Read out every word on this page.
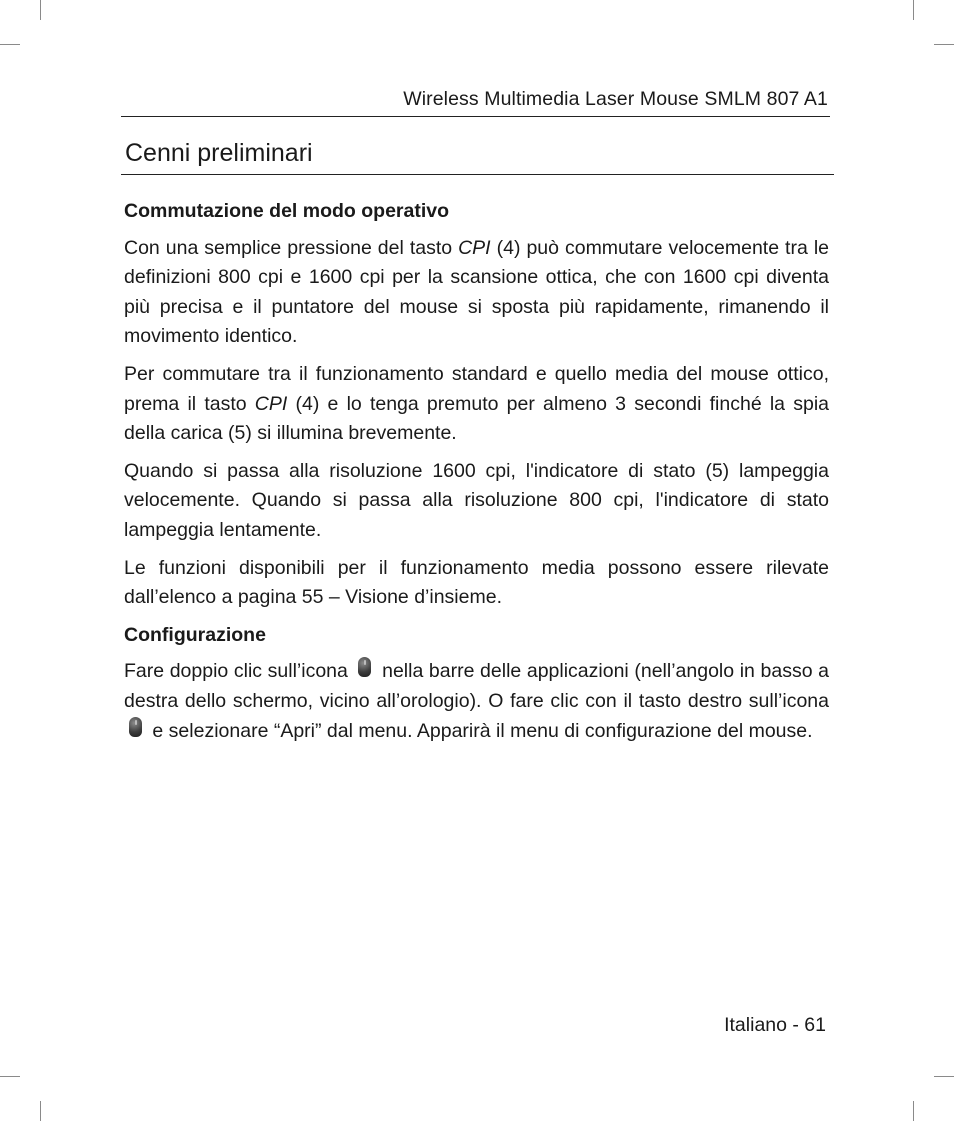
Wireless Multimedia Laser Mouse SMLM 807 A1
Cenni preliminari
Commutazione del modo operativo

Con una semplice pressione del tasto CPI (4) può commutare velocemente tra le definizioni 800 cpi e 1600 cpi per la scansione ottica, che con 1600 cpi diventa più precisa e il puntatore del mouse si sposta più rapidamente, rimanendo il movimento identico.

Per commutare tra il funzionamento standard e quello media del mouse ottico, prema il tasto CPI (4) e lo tenga premuto per almeno 3 secondi finché la spia della carica (5) si illumina brevemente.

Quando si passa alla risoluzione 1600 cpi, l'indicatore di stato (5) lampeggia velocemente. Quando si passa alla risoluzione 800 cpi, l'indicatore di stato lampeggia lentamente.

Le funzioni disponibili per il funzionamento media possono essere rilevate dall’elenco a pagina 55 – Visione d’insieme.

Configurazione

Fare doppio clic sull’icona
nella barre delle applicazioni (nell’angolo in basso a destra dello schermo, vicino all’orologio). O fare clic con il tasto destro sull’icona
e selezionare “Apri” dal menu. Apparirà il menu di configurazione del mouse.

Italiano - 61
